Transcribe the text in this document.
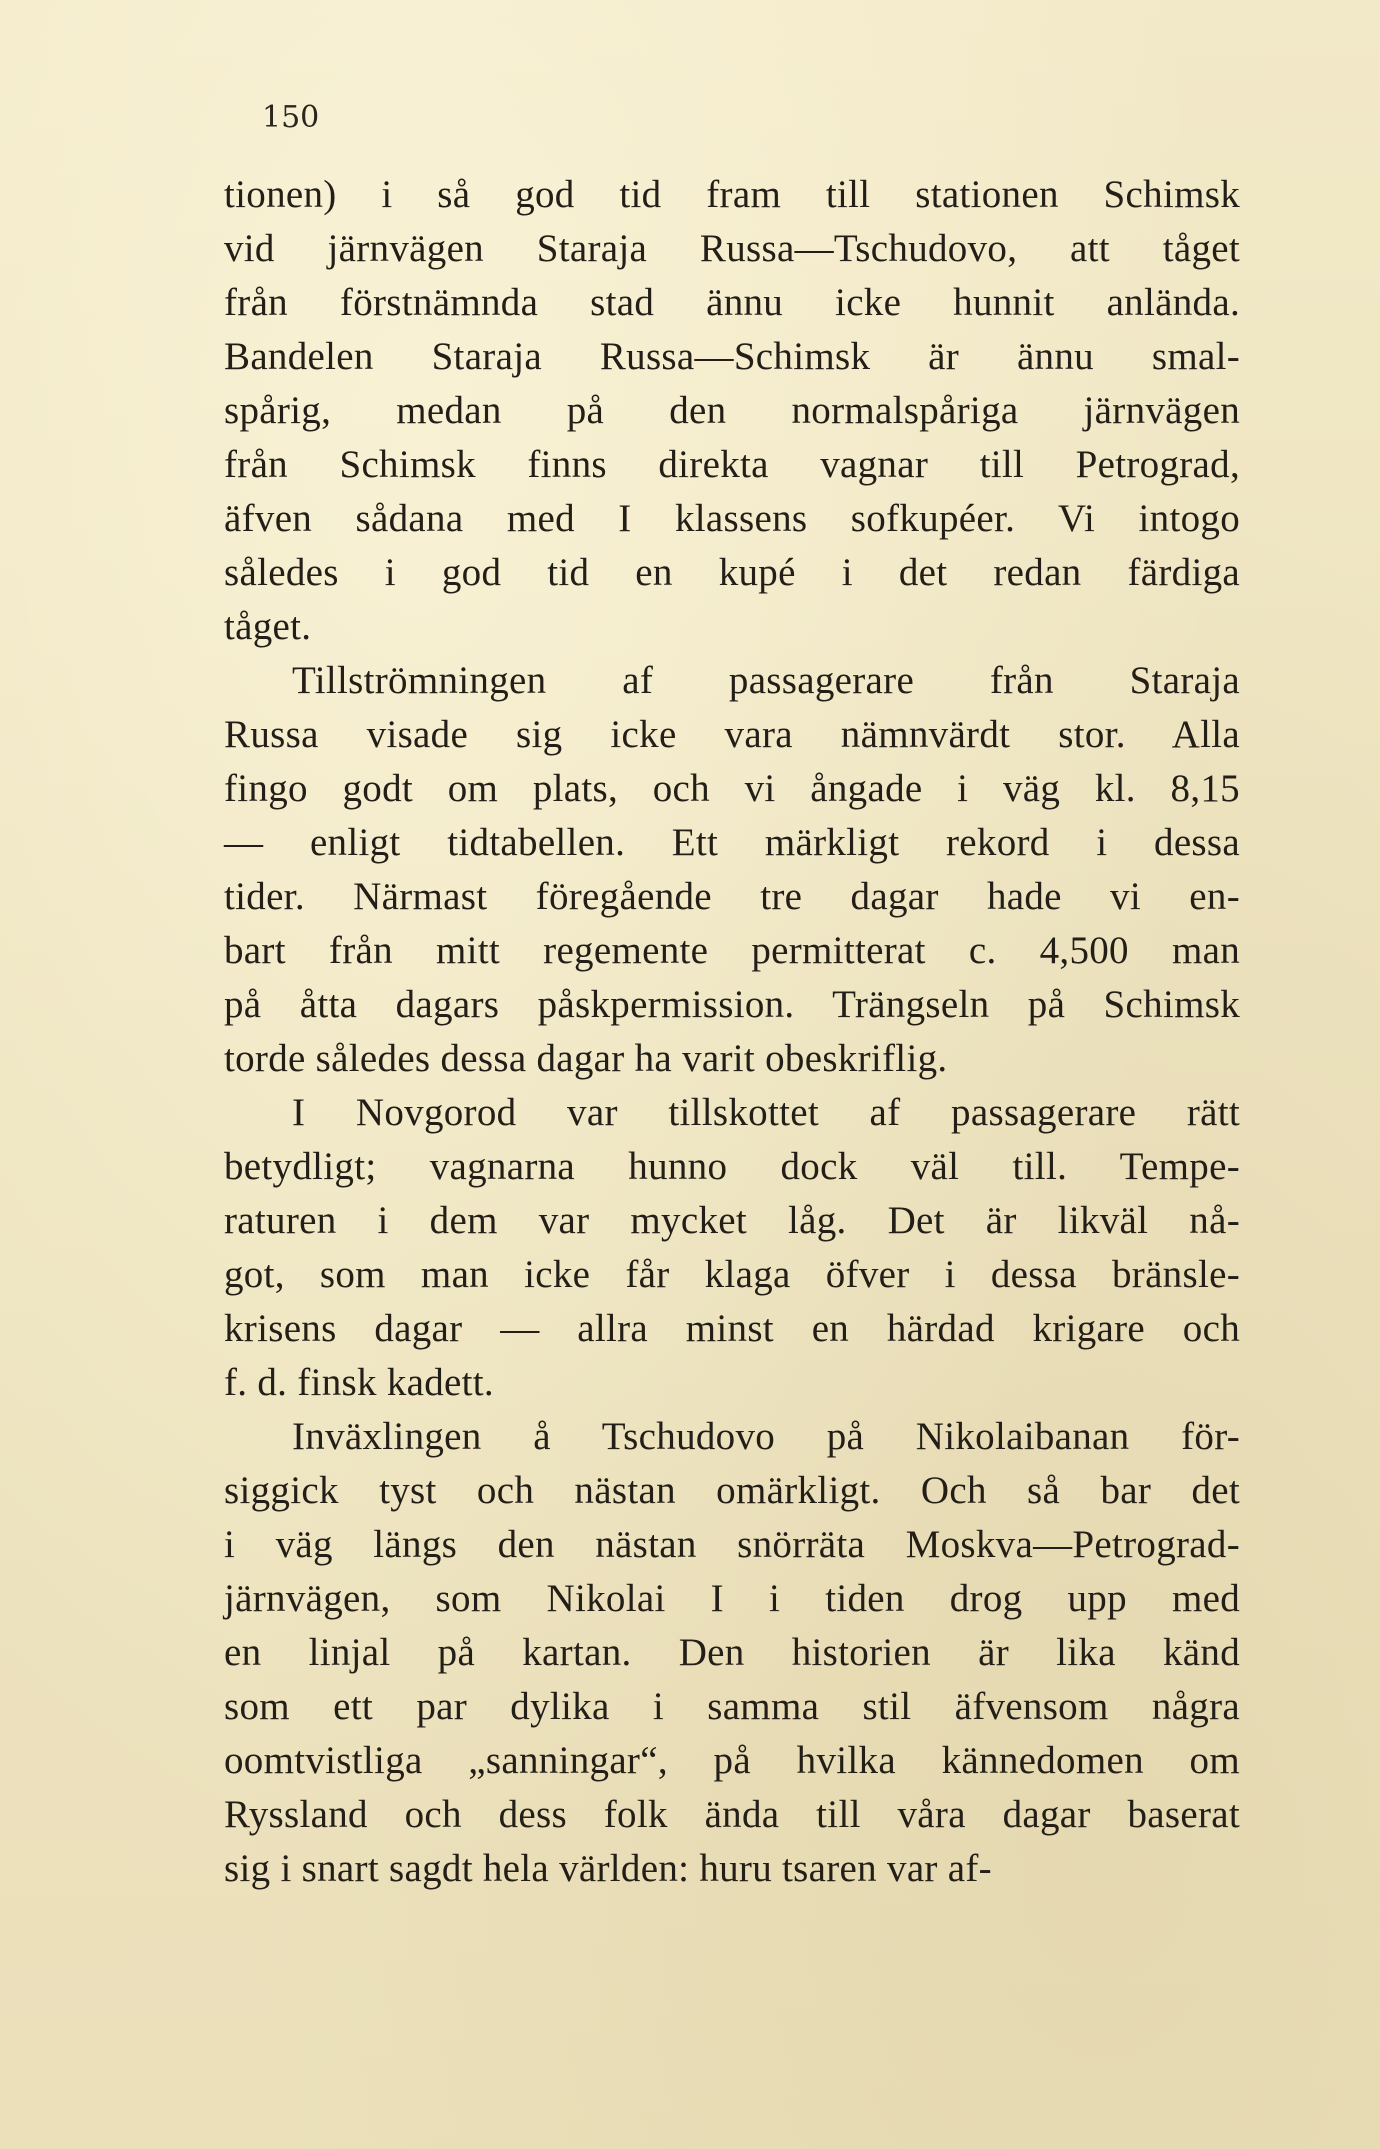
150
tionen) i så god tid fram till stationen Schimsk
vid järnvägen Staraja Russa—Tschudovo, att tåget
från förstnämnda stad ännu icke hunnit anlända.
Bandelen Staraja Russa—Schimsk är ännu smal-
spårig, medan på den normalspåriga järnvägen
från Schimsk finns direkta vagnar till Petrograd,
äfven sådana med I klassens sofkupéer. Vi intogo
således i god tid en kupé i det redan färdiga
tåget.
Tillströmningen af passagerare från Staraja
Russa visade sig icke vara nämnvärdt stor. Alla
fingo godt om plats, och vi ångade i väg kl. 8,15
— enligt tidtabellen. Ett märkligt rekord i dessa
tider. Närmast föregående tre dagar hade vi en-
bart från mitt regemente permitterat c. 4,500 man
på åtta dagars påskpermission. Trängseln på Schimsk
torde således dessa dagar ha varit obeskriflig.
I Novgorod var tillskottet af passagerare rätt
betydligt; vagnarna hunno dock väl till. Tempe-
raturen i dem var mycket låg. Det är likväl nå-
got, som man icke får klaga öfver i dessa bränsle-
krisens dagar — allra minst en härdad krigare och
f. d. finsk kadett.
Inväxlingen å Tschudovo på Nikolaibanan för-
siggick tyst och nästan omärkligt. Och så bar det
i väg längs den nästan snörräta Moskva—Petrograd-
järnvägen, som Nikolai I i tiden drog upp med
en linjal på kartan. Den historien är lika känd
som ett par dylika i samma stil äfvensom några
oomtvistliga „sanningar“, på hvilka kännedomen om
Ryssland och dess folk ända till våra dagar baserat
sig i snart sagdt hela världen: huru tsaren var af-
